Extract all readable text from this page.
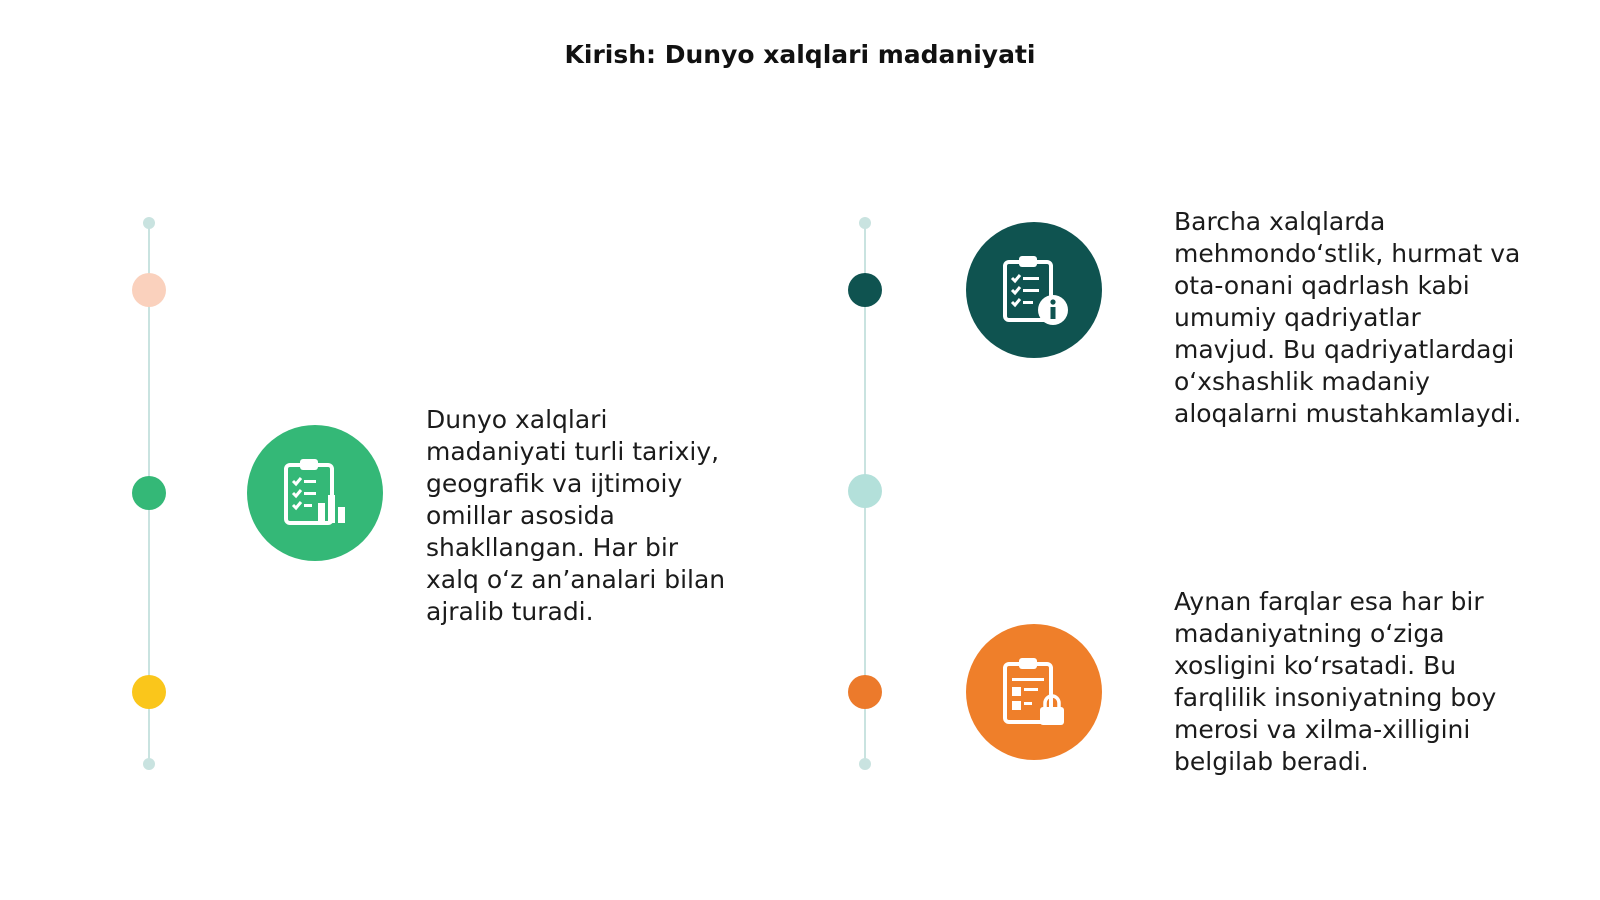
Kirish: Dunyo xalqlari madaniyati
Dunyo xalqlari
madaniyati turli tarixiy,
geografik va ijtimoiy
omillar asosida
shakllangan. Har bir
xalq o‘z an’analari bilan
ajralib turadi.
Barcha xalqlarda
mehmondo‘stlik, hurmat va
ota-onani qadrlash kabi
umumiy qadriyatlar
mavjud. Bu qadriyatlardagi
o‘xshashlik madaniy
aloqalarni mustahkamlaydi.
Aynan farqlar esa har bir
madaniyatning o‘ziga
xosligini ko‘rsatadi. Bu
farqlilik insoniyatning boy
merosi va xilma-xilligini
belgilab beradi.
